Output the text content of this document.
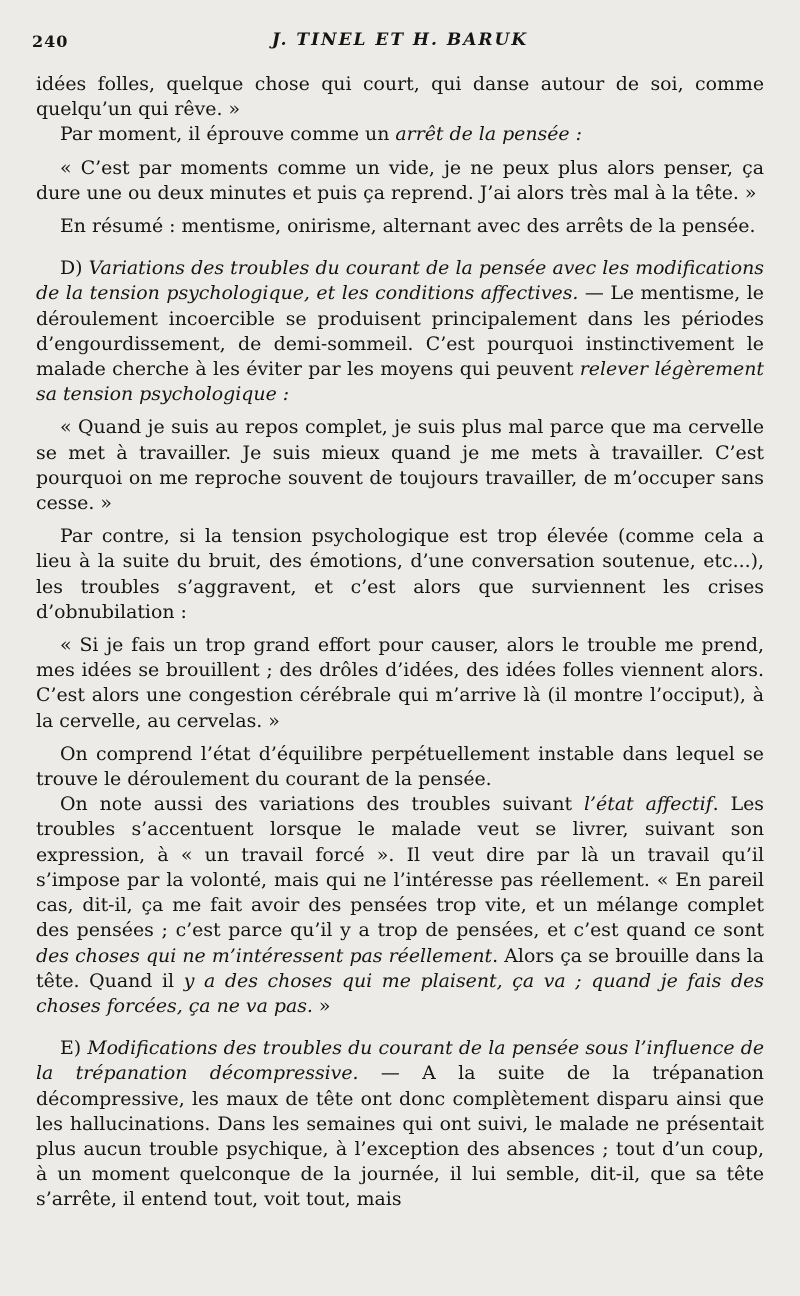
240	J. TINEL ET H. BARUK

idées folles, quelque chose qui court, qui danse autour de soi, comme quelqu’un qui rêve. »

Par moment, il éprouve comme un arrêt de la pensée :

« C’est par moments comme un vide, je ne peux plus alors penser, ça dure une ou deux minutes et puis ça reprend. J’ai alors très mal à la tête. »

En résumé : mentisme, onirisme, alternant avec des arrêts de la pensée.

D) Variations des troubles du courant de la pensée avec les modifications de la tension psychologique, et les conditions affectives. — Le mentisme, le déroulement incoercible se produisent principalement dans les périodes d’engourdissement, de demi-sommeil. C’est pourquoi instinctivement le malade cherche à les éviter par les moyens qui peuvent relever légèrement sa tension psychologique :

« Quand je suis au repos complet, je suis plus mal parce que ma cervelle se met à travailler. Je suis mieux quand je me mets à travailler. C’est pourquoi on me reproche souvent de toujours travailler, de m’occuper sans cesse. »

Par contre, si la tension psychologique est trop élevée (comme cela a lieu à la suite du bruit, des émotions, d’une conversation soutenue, etc...), les troubles s’aggravent, et c’est alors que surviennent les crises d’obnubilation :

« Si je fais un trop grand effort pour causer, alors le trouble me prend, mes idées se brouillent ; des drôles d’idées, des idées folles viennent alors. C’est alors une congestion cérébrale qui m’arrive là (il montre l’occiput), à la cervelle, au cervelas. »

On comprend l’état d’équilibre perpétuellement instable dans lequel se trouve le déroulement du courant de la pensée.

On note aussi des variations des troubles suivant l’état affectif. Les troubles s’accentuent lorsque le malade veut se livrer, suivant son expression, à « un travail forcé ». Il veut dire par là un travail qu’il s’impose par la volonté, mais qui ne l’intéresse pas réellement. « En pareil cas, dit-il, ça me fait avoir des pensées trop vite, et un mélange complet des pensées ; c’est parce qu’il y a trop de pensées, et c’est quand ce sont des choses qui ne m’intéressent pas réellement. Alors ça se brouille dans la tête. Quand il y a des choses qui me plaisent, ça va ; quand je fais des choses forcées, ça ne va pas. »

E) Modifications des troubles du courant de la pensée sous l’influence de la trépanation décompressive. — A la suite de la trépanation décompressive, les maux de tête ont donc complètement disparu ainsi que les hallucinations. Dans les semaines qui ont suivi, le malade ne présentait plus aucun trouble psychique, à l’exception des absences ; tout d’un coup, à un moment quelconque de la journée, il lui semble, dit-il, que sa tête s’arrête, il entend tout, voit tout, mais
